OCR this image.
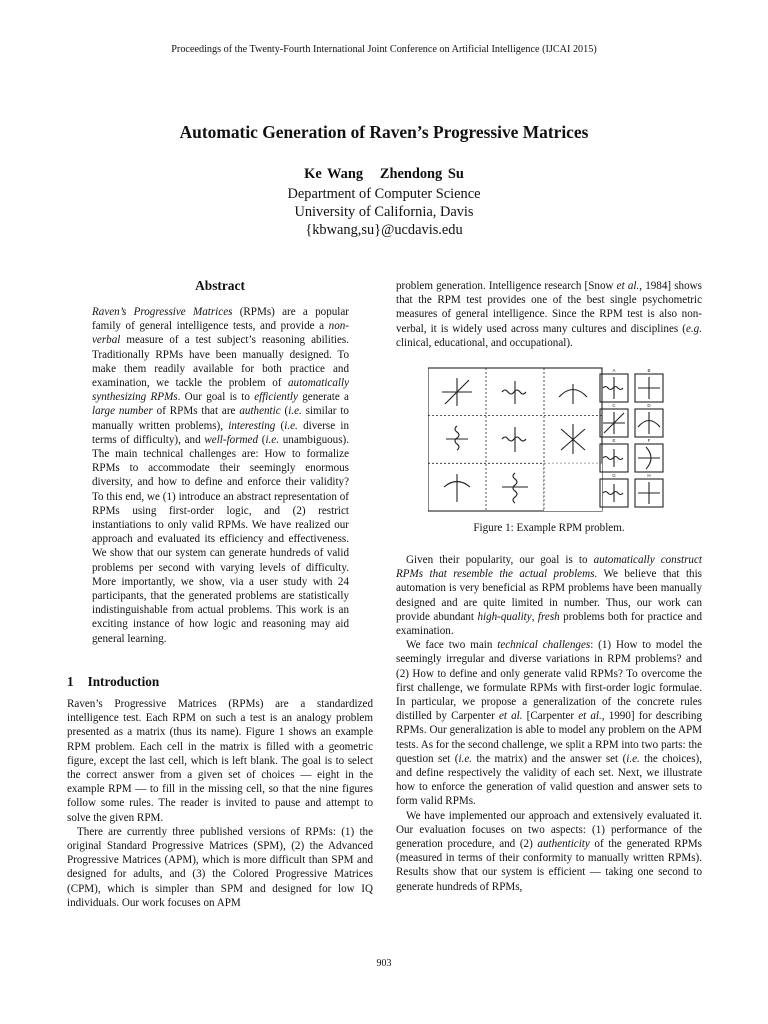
Proceedings of the Twenty-Fourth International Joint Conference on Artificial Intelligence (IJCAI 2015)
Automatic Generation of Raven’s Progressive Matrices
Ke Wang   Zhendong Su
Department of Computer Science
University of California, Davis
{kbwang,su}@ucdavis.edu
Abstract

Raven’s Progressive Matrices (RPMs) are a popular family of general intelligence tests, and provide a non-verbal measure of a test subject’s reasoning abilities. Traditionally RPMs have been manually designed. To make them readily available for both practice and examination, we tackle the problem of automatically synthesizing RPMs. Our goal is to efficiently generate a large number of RPMs that are authentic (i.e. similar to manually written problems), interesting (i.e. diverse in terms of difficulty), and well-formed (i.e. unambiguous). The main technical challenges are: How to formalize RPMs to accommodate their seemingly enormous diversity, and how to define and enforce their validity? To this end, we (1) introduce an abstract representation of RPMs using first-order logic, and (2) restrict instantiations to only valid RPMs. We have realized our approach and evaluated its efficiency and effectiveness. We show that our system can generate hundreds of valid problems per second with varying levels of difficulty. More importantly, we show, via a user study with 24 participants, that the generated problems are statistically indistinguishable from actual problems. This work is an exciting instance of how logic and reasoning may aid general learning.

1 Introduction

Raven’s Progressive Matrices (RPMs) are a standardized intelligence test. Each RPM on such a test is an analogy problem presented as a matrix (thus its name). Figure 1 shows an example RPM problem. Each cell in the matrix is filled with a geometric figure, except the last cell, which is left blank. The goal is to select the correct answer from a given set of choices — eight in the example RPM — to fill in the missing cell, so that the nine figures follow some rules. The reader is invited to pause and attempt to solve the given RPM.

There are currently three published versions of RPMs: (1) the original Standard Progressive Matrices (SPM), (2) the Advanced Progressive Matrices (APM), which is more difficult than SPM and designed for adults, and (3) the Colored Progressive Matrices (CPM), which is simpler than SPM and designed for low IQ individuals. Our work focuses on APM

problem generation. Intelligence research [Snow et al., 1984] shows that the RPM test provides one of the best single psychometric measures of general intelligence. Since the RPM test is also non-verbal, it is widely used across many cultures and disciplines (e.g. clinical, educational, and occupational).

A	B
C	D
E	F
G	H
Figure 1: Example RPM problem.

Given their popularity, our goal is to automatically construct RPMs that resemble the actual problems. We believe that this automation is very beneficial as RPM problems have been manually designed and are quite limited in number. Thus, our work can provide abundant high-quality, fresh problems both for practice and examination.

We face two main technical challenges: (1) How to model the seemingly irregular and diverse variations in RPM problems? and (2) How to define and only generate valid RPMs? To overcome the first challenge, we formulate RPMs with first-order logic formulae. In particular, we propose a generalization of the concrete rules distilled by Carpenter et al. [Carpenter et al., 1990] for describing RPMs. Our generalization is able to model any problem on the APM tests. As for the second challenge, we split a RPM into two parts: the question set (i.e. the matrix) and the answer set (i.e. the choices), and define respectively the validity of each set. Next, we illustrate how to enforce the generation of valid question and answer sets to form valid RPMs.

We have implemented our approach and extensively evaluated it. Our evaluation focuses on two aspects: (1) performance of the generation procedure, and (2) authenticity of the generated RPMs (measured in terms of their conformity to manually written RPMs). Results show that our system is efficient — taking one second to generate hundreds of RPMs,

903
